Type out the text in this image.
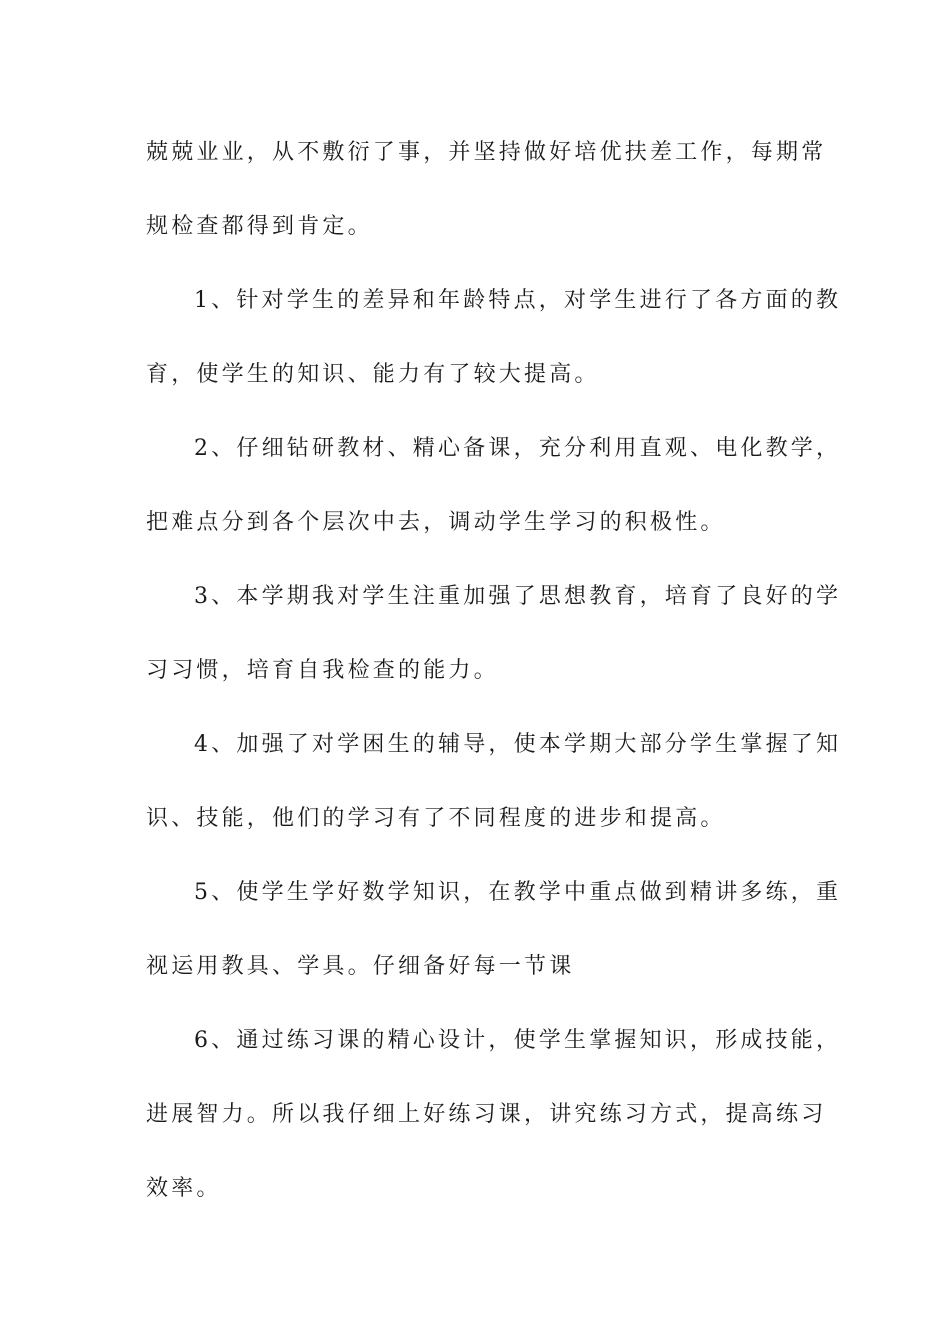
兢兢业业，从不敷衍了事，并坚持做好培优扶差工作，每期常
规检查都得到肯定。
1、针对学生的差异和年龄特点，对学生进行了各方面的教
育，使学生的知识、能力有了较大提高。
2、仔细钻研教材、精心备课，充分利用直观、电化教学，
把难点分到各个层次中去，调动学生学习的积极性。
3、本学期我对学生注重加强了思想教育，培育了良好的学
习习惯，培育自我检查的能力。
4、加强了对学困生的辅导，使本学期大部分学生掌握了知
识、技能，他们的学习有了不同程度的进步和提高。
5、使学生学好数学知识，在教学中重点做到精讲多练，重
视运用教具、学具。仔细备好每一节课
6、通过练习课的精心设计，使学生掌握知识，形成技能，
进展智力。所以我仔细上好练习课，讲究练习方式，提高练习
效率。
